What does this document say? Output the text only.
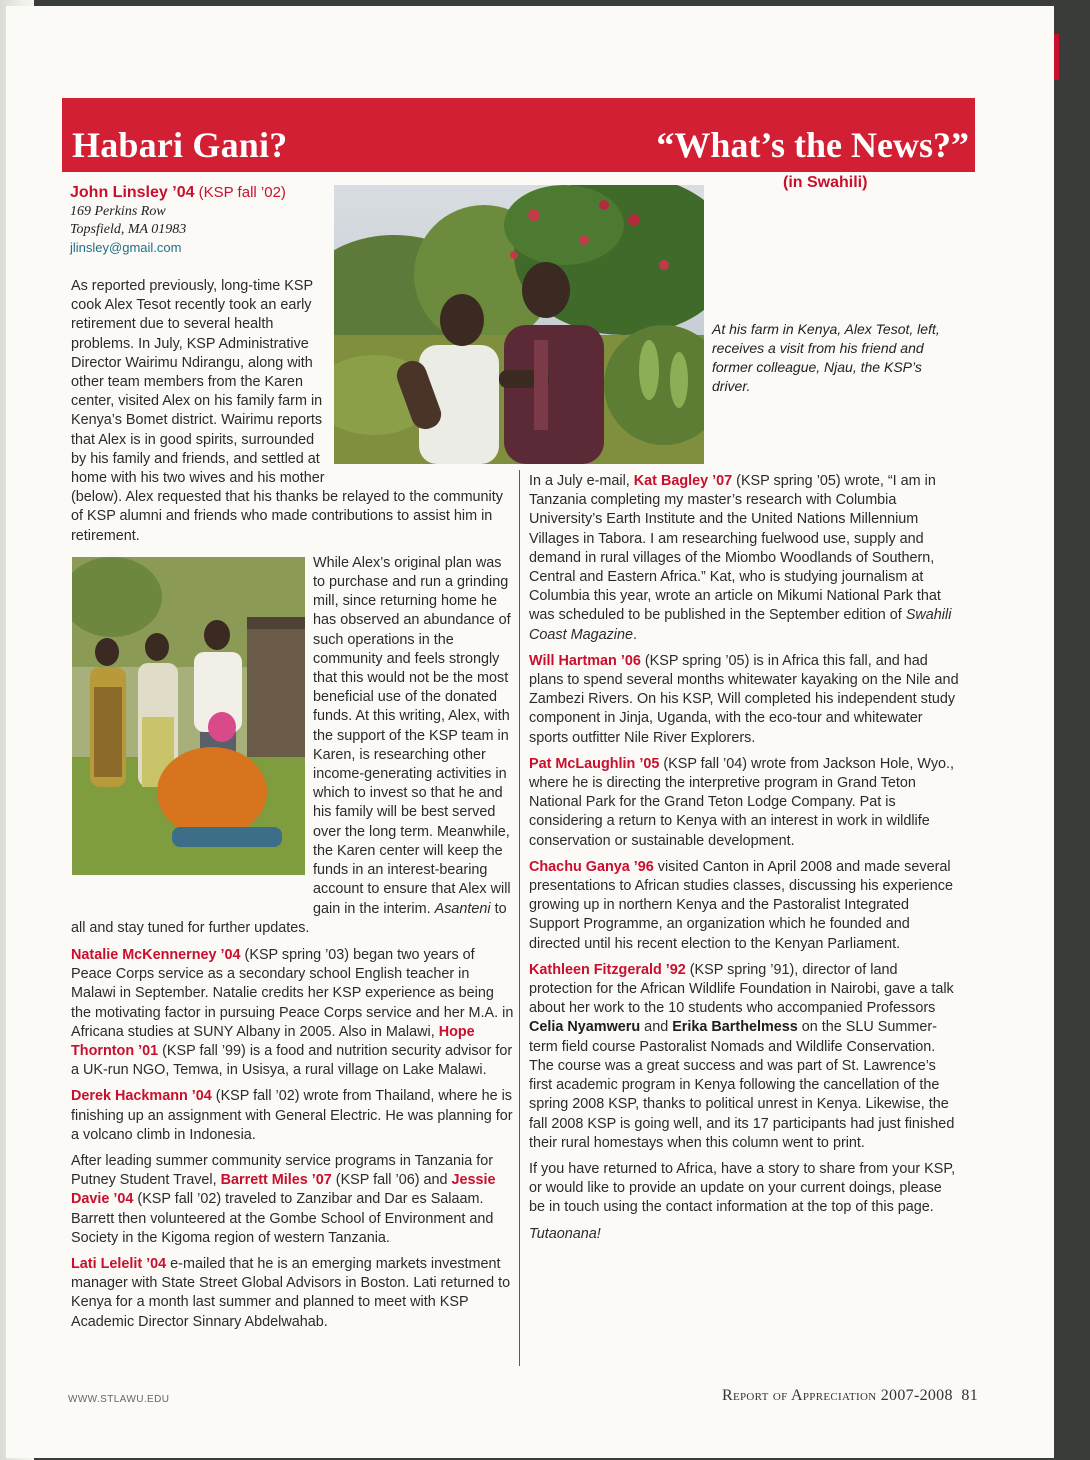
Habari Gani?	“What’s the News?”
(in Swahili)
John Linsley ’04 (KSP fall ’02)
169 Perkins Row
Topsfield, MA 01983
jlinsley@gmail.com
At his farm in Kenya, Alex Tesot, left, receives a visit from his friend and former colleague, Njau, the KSP’s driver.

As reported previously, long-time KSP cook Alex Tesot recently took an early retirement due to several health problems. In July, KSP Administrative Director Wairimu Ndirangu, along with other team members from the Karen center, visited Alex on his family farm in Kenya’s Bomet district. Wairimu reports that Alex is in good spirits, surrounded by his family and friends, and settled at home with his two wives and his mother (below). Alex requested that his thanks be relayed to the community of KSP alumni and friends who made contributions to assist him in retirement.

While Alex’s original plan was to purchase and run a grinding mill, since returning home he has observed an abundance of such operations in the community and feels strongly that this would not be the most beneficial use of the donated funds. At this writing, Alex, with the support of the KSP team in Karen, is researching other income-generating activities in which to invest so that he and his family will be best served over the long term. Meanwhile, the Karen center will keep the funds in an interest-bearing account to ensure that Alex will gain in the interim. Asanteni to all and stay tuned for further updates.

Natalie McKennerney ’04 (KSP spring ’03) began two years of Peace Corps service as a secondary school English teacher in Malawi in September. Natalie credits her KSP experience as being the motivating factor in pursuing Peace Corps service and her M.A. in Africana studies at SUNY Albany in 2005. Also in Malawi, Hope Thornton ’01 (KSP fall ’99) is a food and nutrition security advisor for a UK-run NGO, Temwa, in Usisya, a rural village on Lake Malawi.

Derek Hackmann ’04 (KSP fall ’02) wrote from Thailand, where he is finishing up an assignment with General Electric. He was planning for a volcano climb in Indonesia.

After leading summer community service programs in Tanzania for Putney Student Travel, Barrett Miles ’07 (KSP fall ’06) and Jessie Davie ’04 (KSP fall ’02) traveled to Zanzibar and Dar es Salaam. Barrett then volunteered at the Gombe School of Environment and Society in the Kigoma region of western Tanzania.

Lati Lelelit ’04 e-mailed that he is an emerging markets investment manager with State Street Global Advisors in Boston. Lati returned to Kenya for a month last summer and planned to meet with KSP Academic Director Sinnary Abdelwahab.

In a July e-mail, Kat Bagley ’07 (KSP spring ’05) wrote, “I am in Tanzania completing my master’s research with Columbia University’s Earth Institute and the United Nations Millennium Villages in Tabora. I am researching fuelwood use, supply and demand in rural villages of the Miombo Woodlands of Southern, Central and Eastern Africa.” Kat, who is studying journalism at Columbia this year, wrote an article on Mikumi National Park that was scheduled to be published in the September edition of Swahili Coast Magazine.

Will Hartman ’06 (KSP spring ’05) is in Africa this fall, and had plans to spend several months whitewater kayaking on the Nile and Zambezi Rivers. On his KSP, Will completed his independent study component in Jinja, Uganda, with the eco-tour and whitewater sports outfitter Nile River Explorers.

Pat McLaughlin ’05 (KSP fall ’04) wrote from Jackson Hole, Wyo., where he is directing the interpretive program in Grand Teton National Park for the Grand Teton Lodge Company. Pat is considering a return to Kenya with an interest in work in wildlife conservation or sustainable development.

Chachu Ganya ’96 visited Canton in April 2008 and made several presentations to African studies classes, discussing his experience growing up in northern Kenya and the Pastoralist Integrated Support Programme, an organization which he founded and directed until his recent election to the Kenyan Parliament.

Kathleen Fitzgerald ’92 (KSP spring ’91), director of land protection for the African Wildlife Foundation in Nairobi, gave a talk about her work to the 10 students who accompanied Professors Celia Nyamweru and Erika Barthelmess on the SLU Summer-term field course Pastoralist Nomads and Wildlife Conservation. The course was a great success and was part of St. Lawrence’s first academic program in Kenya following the cancellation of the spring 2008 KSP, thanks to political unrest in Kenya. Likewise, the fall 2008 KSP is going well, and its 17 participants had just finished their rural homestays when this column went to print.

If you have returned to Africa, have a story to share from your KSP, or would like to provide an update on your current doings, please be in touch using the contact information at the top of this page.

Tutaonana!

WWW.STLAWU.EDU	Report of Appreciation 2007-2008 81
